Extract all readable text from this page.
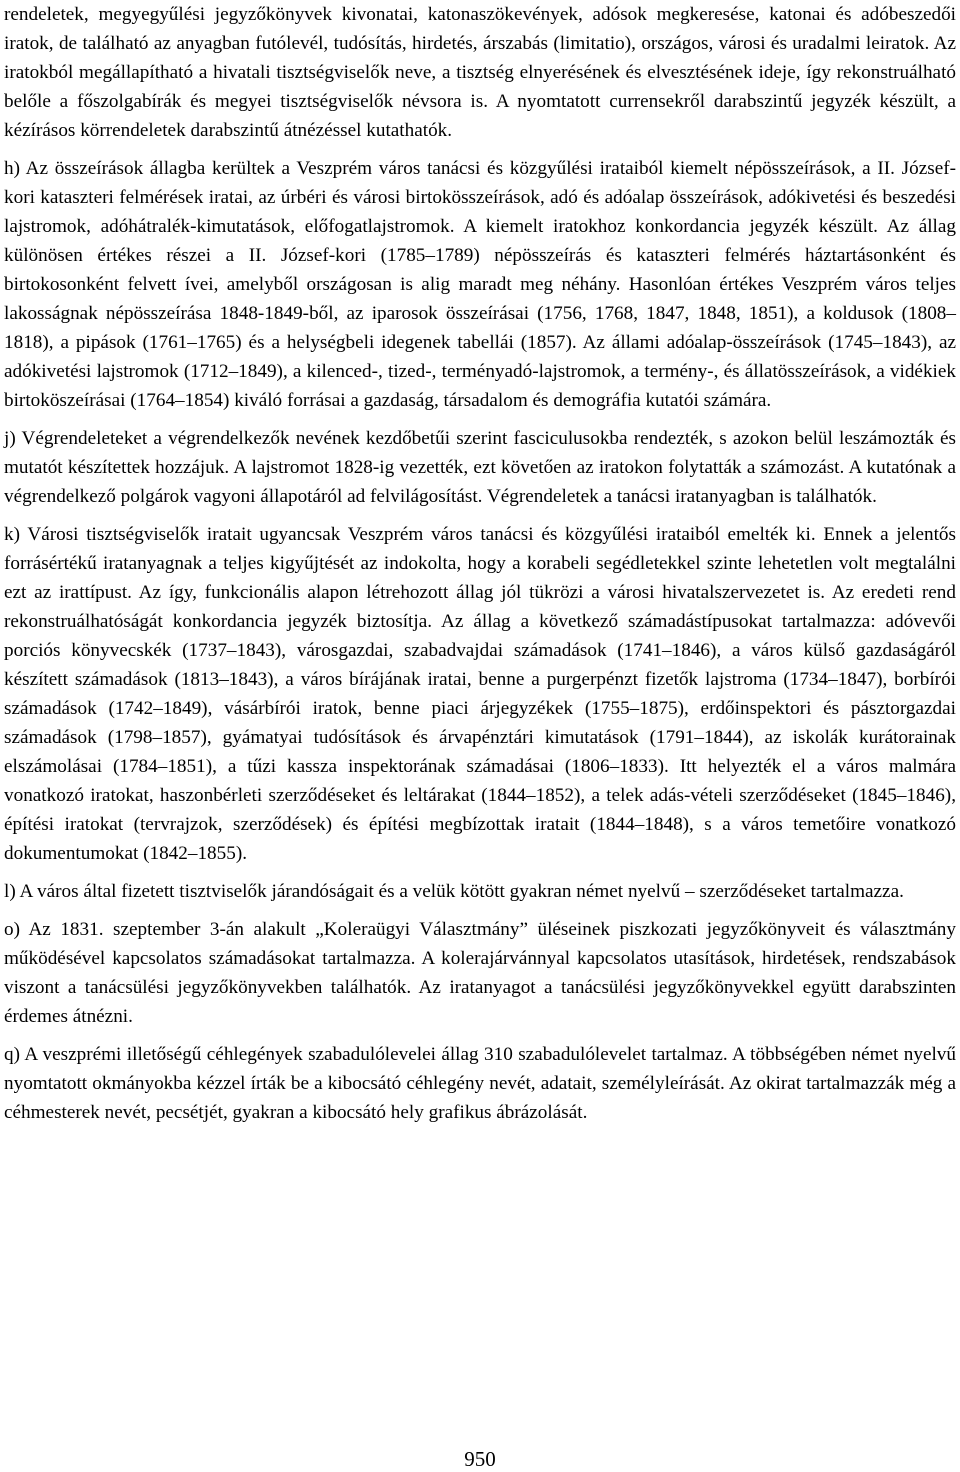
rendeletek, megyegyűlési jegyzőkönyvek kivonatai, katonaszökevények, adósok megkeresése, katonai és adóbeszedői iratok, de található az anyagban futólevél, tudósítás, hirdetés, árszabás (limitatio), országos, városi és uradalmi leiratok. Az iratokból megállapítható a hivatali tisztségviselők neve, a tisztség elnyerésének és elvesztésének ideje, így rekonstruálható belőle a főszolgabírák és megyei tisztségviselők névsora is. A nyomtatott currensekről darabszintű jegyzék készült, a kézírásos körrendeletek darabszintű átnézéssel kutathatók.

h) Az összeírások állagba kerültek a Veszprém város tanácsi és közgyűlési irataiból kiemelt népösszeírások, a II. József-kori kataszteri felmérések iratai, az úrbéri és városi birtokösszeírások, adó és adóalap összeírások, adókivetési és beszedési lajstromok, adóhátralék-kimutatások, előfogatlajstromok. A kiemelt iratokhoz konkordancia jegyzék készült. Az állag különösen értékes részei a II. József-kori (1785–1789) népösszeírás és kataszteri felmérés háztartásonként és birtokosonként felvett ívei, amelyből országosan is alig maradt meg néhány. Hasonlóan értékes Veszprém város teljes lakosságnak népösszeírása 1848-1849-ből, az iparosok összeírásai (1756, 1768, 1847, 1848, 1851), a koldusok (1808–1818), a pipások (1761–1765) és a helységbeli idegenek tabellái (1857). Az állami adóalap-összeírások (1745–1843), az adókivetési lajstromok (1712–1849), a kilenced-, tized-, terményadó-lajstromok, a termény-, és állatösszeírások, a vidékiek birtoköszeírásai (1764–1854) kiváló forrásai a gazdaság, társadalom és demográfia kutatói számára.

j) Végrendeleteket a végrendelkezők nevének kezdőbetűi szerint fasciculusokba rendezték, s azokon belül leszámozták és mutatót készítettek hozzájuk. A lajstromot 1828-ig vezették, ezt követően az iratokon folytatták a számozást. A kutatónak a végrendelkező polgárok vagyoni állapotáról ad felvilágosítást. Végrendeletek a tanácsi iratanyagban is találhatók.

k) Városi tisztségviselők iratait ugyancsak Veszprém város tanácsi és közgyűlési irataiból emelték ki. Ennek a jelentős forrásértékű iratanyagnak a teljes kigyűjtését az indokolta, hogy a korabeli segédletekkel szinte lehetetlen volt megtalálni ezt az irattípust. Az így, funkcionális alapon létrehozott állag jól tükrözi a városi hivatalszervezetet is. Az eredeti rend rekonstruálhatóságát konkordancia jegyzék biztosítja. Az állag a következő számadástípusokat tartalmazza: adóvevői porciós könyvecskék (1737–1843), városgazdai, szabadvajdai számadások (1741–1846), a város külső gazdaságáról készített számadások (1813–1843), a város bírájának iratai, benne a purgerpénzt fizetők lajstroma (1734–1847), borbírói számadások (1742–1849), vásárbírói iratok, benne piaci árjegyzékek (1755–1875), erdőinspektori és pásztorgazdai számadások (1798–1857), gyámatyai tudósítások és árvapénztári kimutatások (1791–1844), az iskolák kurátorainak elszámolásai (1784–1851), a tűzi kassza inspektorának számadásai (1806–1833). Itt helyezték el a város malmára vonatkozó iratokat, haszonbérleti szerződéseket és leltárakat (1844–1852), a telek adás-vételi szerződéseket (1845–1846), építési iratokat (tervrajzok, szerződések) és építési megbízottak iratait (1844–1848), s a város temetőire vonatkozó dokumentumokat (1842–1855).

l) A város által fizetett tisztviselők járandóságait és a velük kötött gyakran német nyelvű – szerződéseket tartalmazza.

o) Az 1831. szeptember 3-án alakult „Koleraügyi Választmány” üléseinek piszkozati jegyzőkönyveit és választmány működésével kapcsolatos számadásokat tartalmazza. A kolerajárvánnyal kapcsolatos utasítások, hirdetések, rendszabások viszont a tanácsülési jegyzőkönyvekben találhatók. Az iratanyagot a tanácsülési jegyzőkönyvekkel együtt darabszinten érdemes átnézni.

q) A veszprémi illetőségű céhlegények szabadulólevelei állag 310 szabadulólevelet tartalmaz. A többségében német nyelvű nyomtatott okmányokba kézzel írták be a kibocsátó céhlegény nevét, adatait, személyleírását. Az okirat tartalmazzák még a céhmesterek nevét, pecsétjét, gyakran a kibocsátó hely grafikus ábrázolását.

950
